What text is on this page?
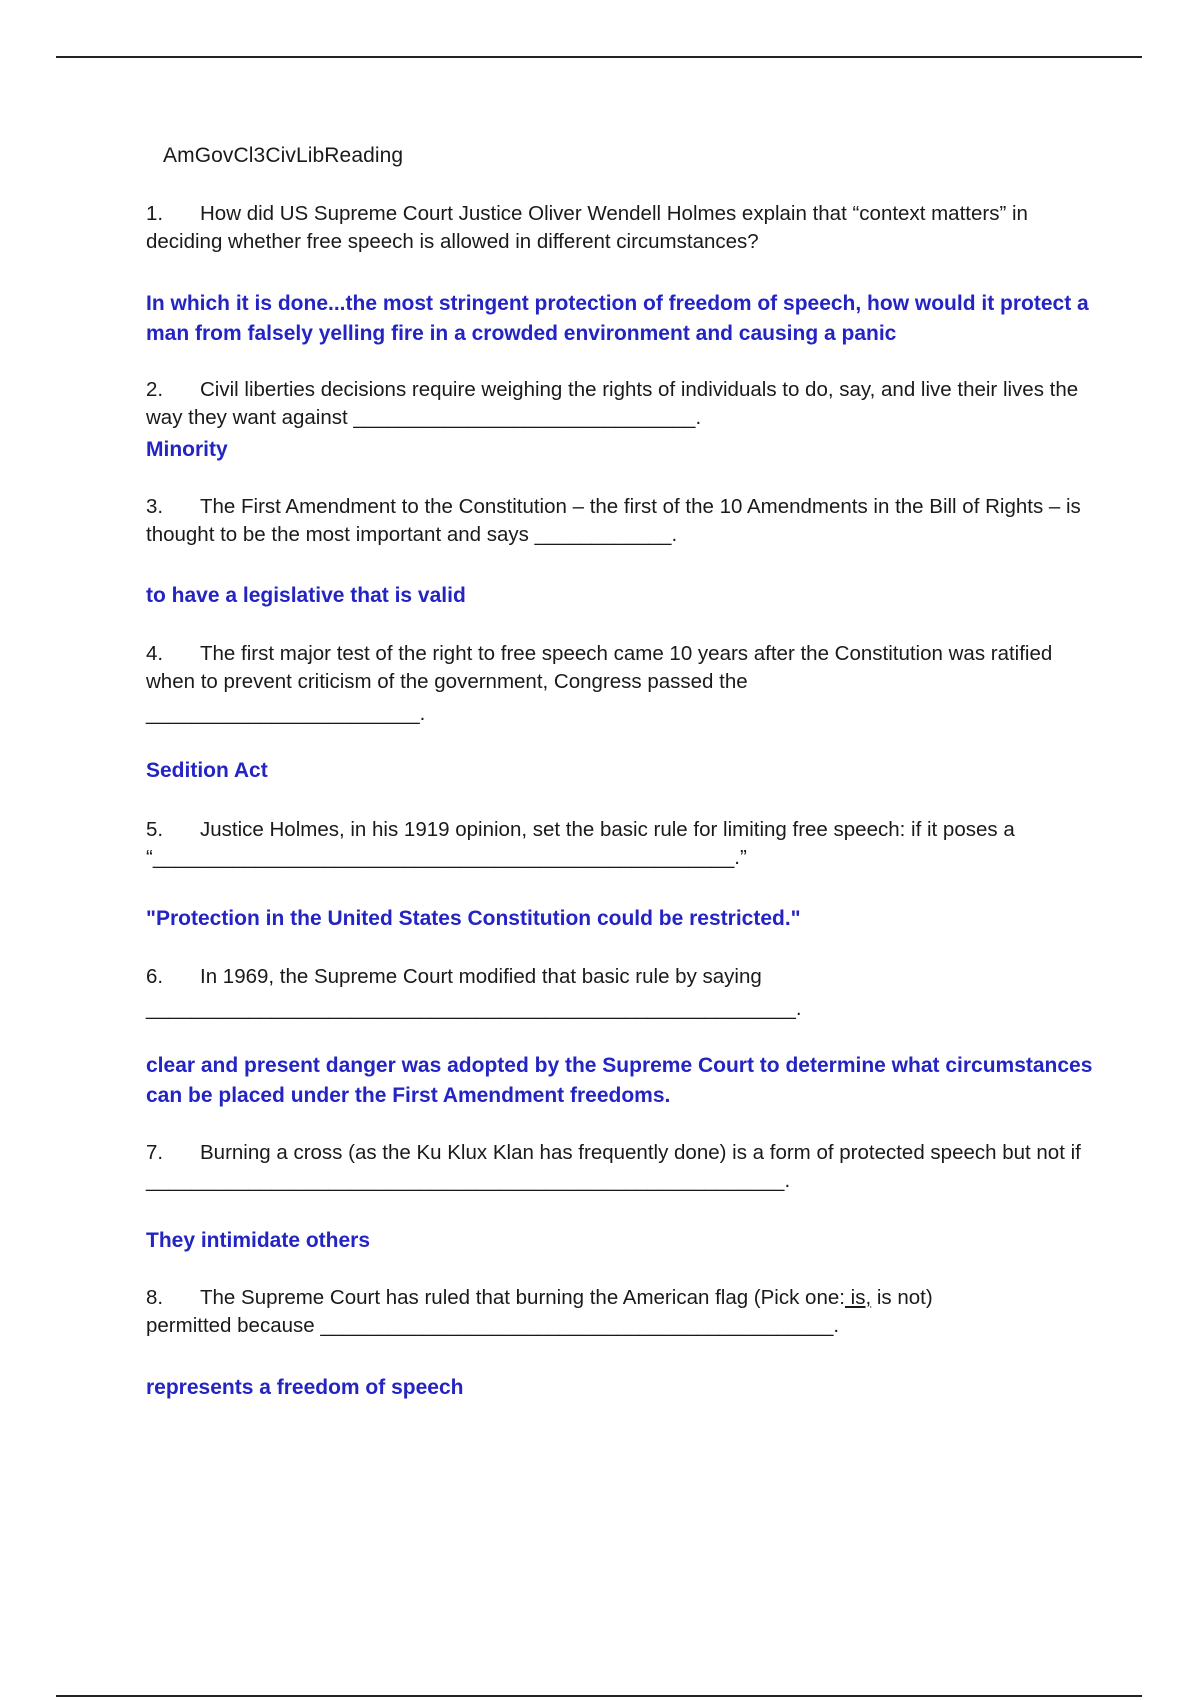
AmGovCl3CivLibReading
1. How did US Supreme Court Justice Oliver Wendell Holmes explain that “context matters” in deciding whether free speech is allowed in different circumstances?
In which it is done...the most stringent protection of freedom of speech, how would it protect a man from falsely yelling fire in a crowded environment and causing a panic
2. Civil liberties decisions require weighing the rights of individuals to do, say, and live their lives the way they want against ______________________________.
Minority
3. The First Amendment to the Constitution – the first of the 10 Amendments in the Bill of Rights – is thought to be the most important and says ____________.
to have a legislative that is valid
4. The first major test of the right to free speech came 10 years after the Constitution was ratified when to prevent criticism of the government, Congress passed the
________________________.
Sedition Act
5. Justice Holmes, in his 1919 opinion, set the basic rule for limiting free speech: if it poses a
“___________________________________________________.”
"Protection in the United States Constitution could be restricted."
6. In 1969, the Supreme Court modified that basic rule by saying
_________________________________________________________.
clear and present danger was adopted by the Supreme Court to determine what circumstances can be placed under the First Amendment freedoms.
7. Burning a cross (as the Ku Klux Klan has frequently done) is a form of protected speech but not if ________________________________________________________.
They intimidate others
8. The Supreme Court has ruled that burning the American flag (Pick one: is, is not)
permitted because _____________________________________________.
represents a freedom of speech
